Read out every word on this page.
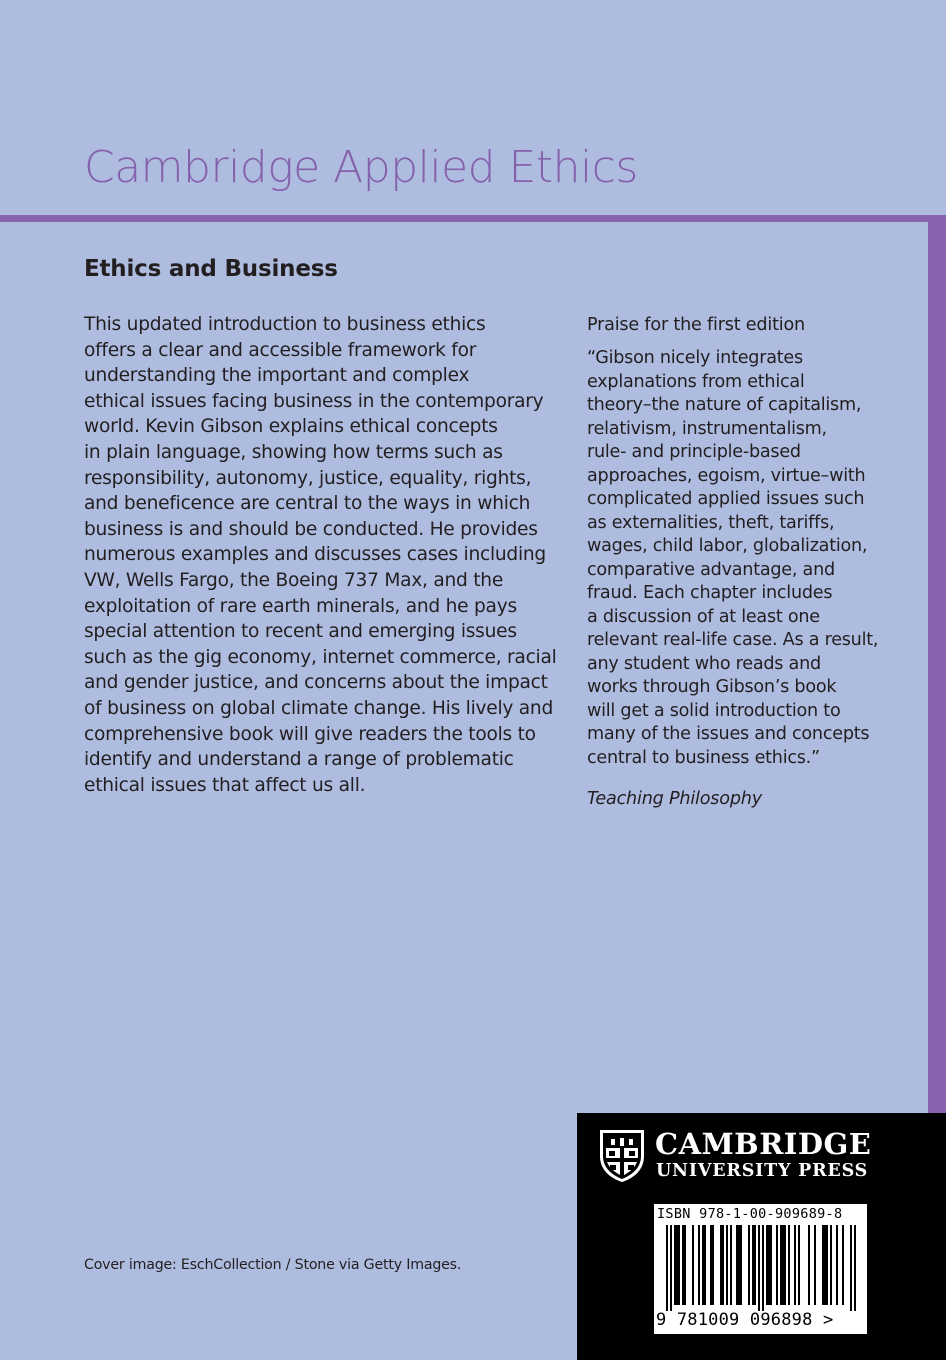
Cambridge Applied Ethics
Ethics and Business
This updated introduction to business ethics
offers a clear and accessible framework for
understanding the important and complex
ethical issues facing business in the contemporary
world. Kevin Gibson explains ethical concepts
in plain language, showing how terms such as
responsibility, autonomy, justice, equality, rights,
and beneficence are central to the ways in which
business is and should be conducted. He provides
numerous examples and discusses cases including
VW, Wells Fargo, the Boeing 737 Max, and the
exploitation of rare earth minerals, and he pays
special attention to recent and emerging issues
such as the gig economy, internet commerce, racial
and gender justice, and concerns about the impact
of business on global climate change. His lively and
comprehensive book will give readers the tools to
identify and understand a range of problematic
ethical issues that affect us all.
Praise for the first edition
“Gibson nicely integrates
explanations from ethical
theory–the nature of capitalism,
relativism, instrumentalism,
rule- and principle-based
approaches, egoism, virtue–with
complicated applied issues such
as externalities, theft, tariffs,
wages, child labor, globalization,
comparative advantage, and
fraud. Each chapter includes
a discussion of at least one
relevant real-life case. As a result,
any student who reads and
works through Gibson’s book
will get a solid introduction to
many of the issues and concepts
central to business ethics.”
Teaching Philosophy
Cover image: EschCollection / Stone via Getty Images.
CAMBRIDGE
UNIVERSITY PRESS
ISBN 978-1-00-909689-8
9 781009 096898 >
